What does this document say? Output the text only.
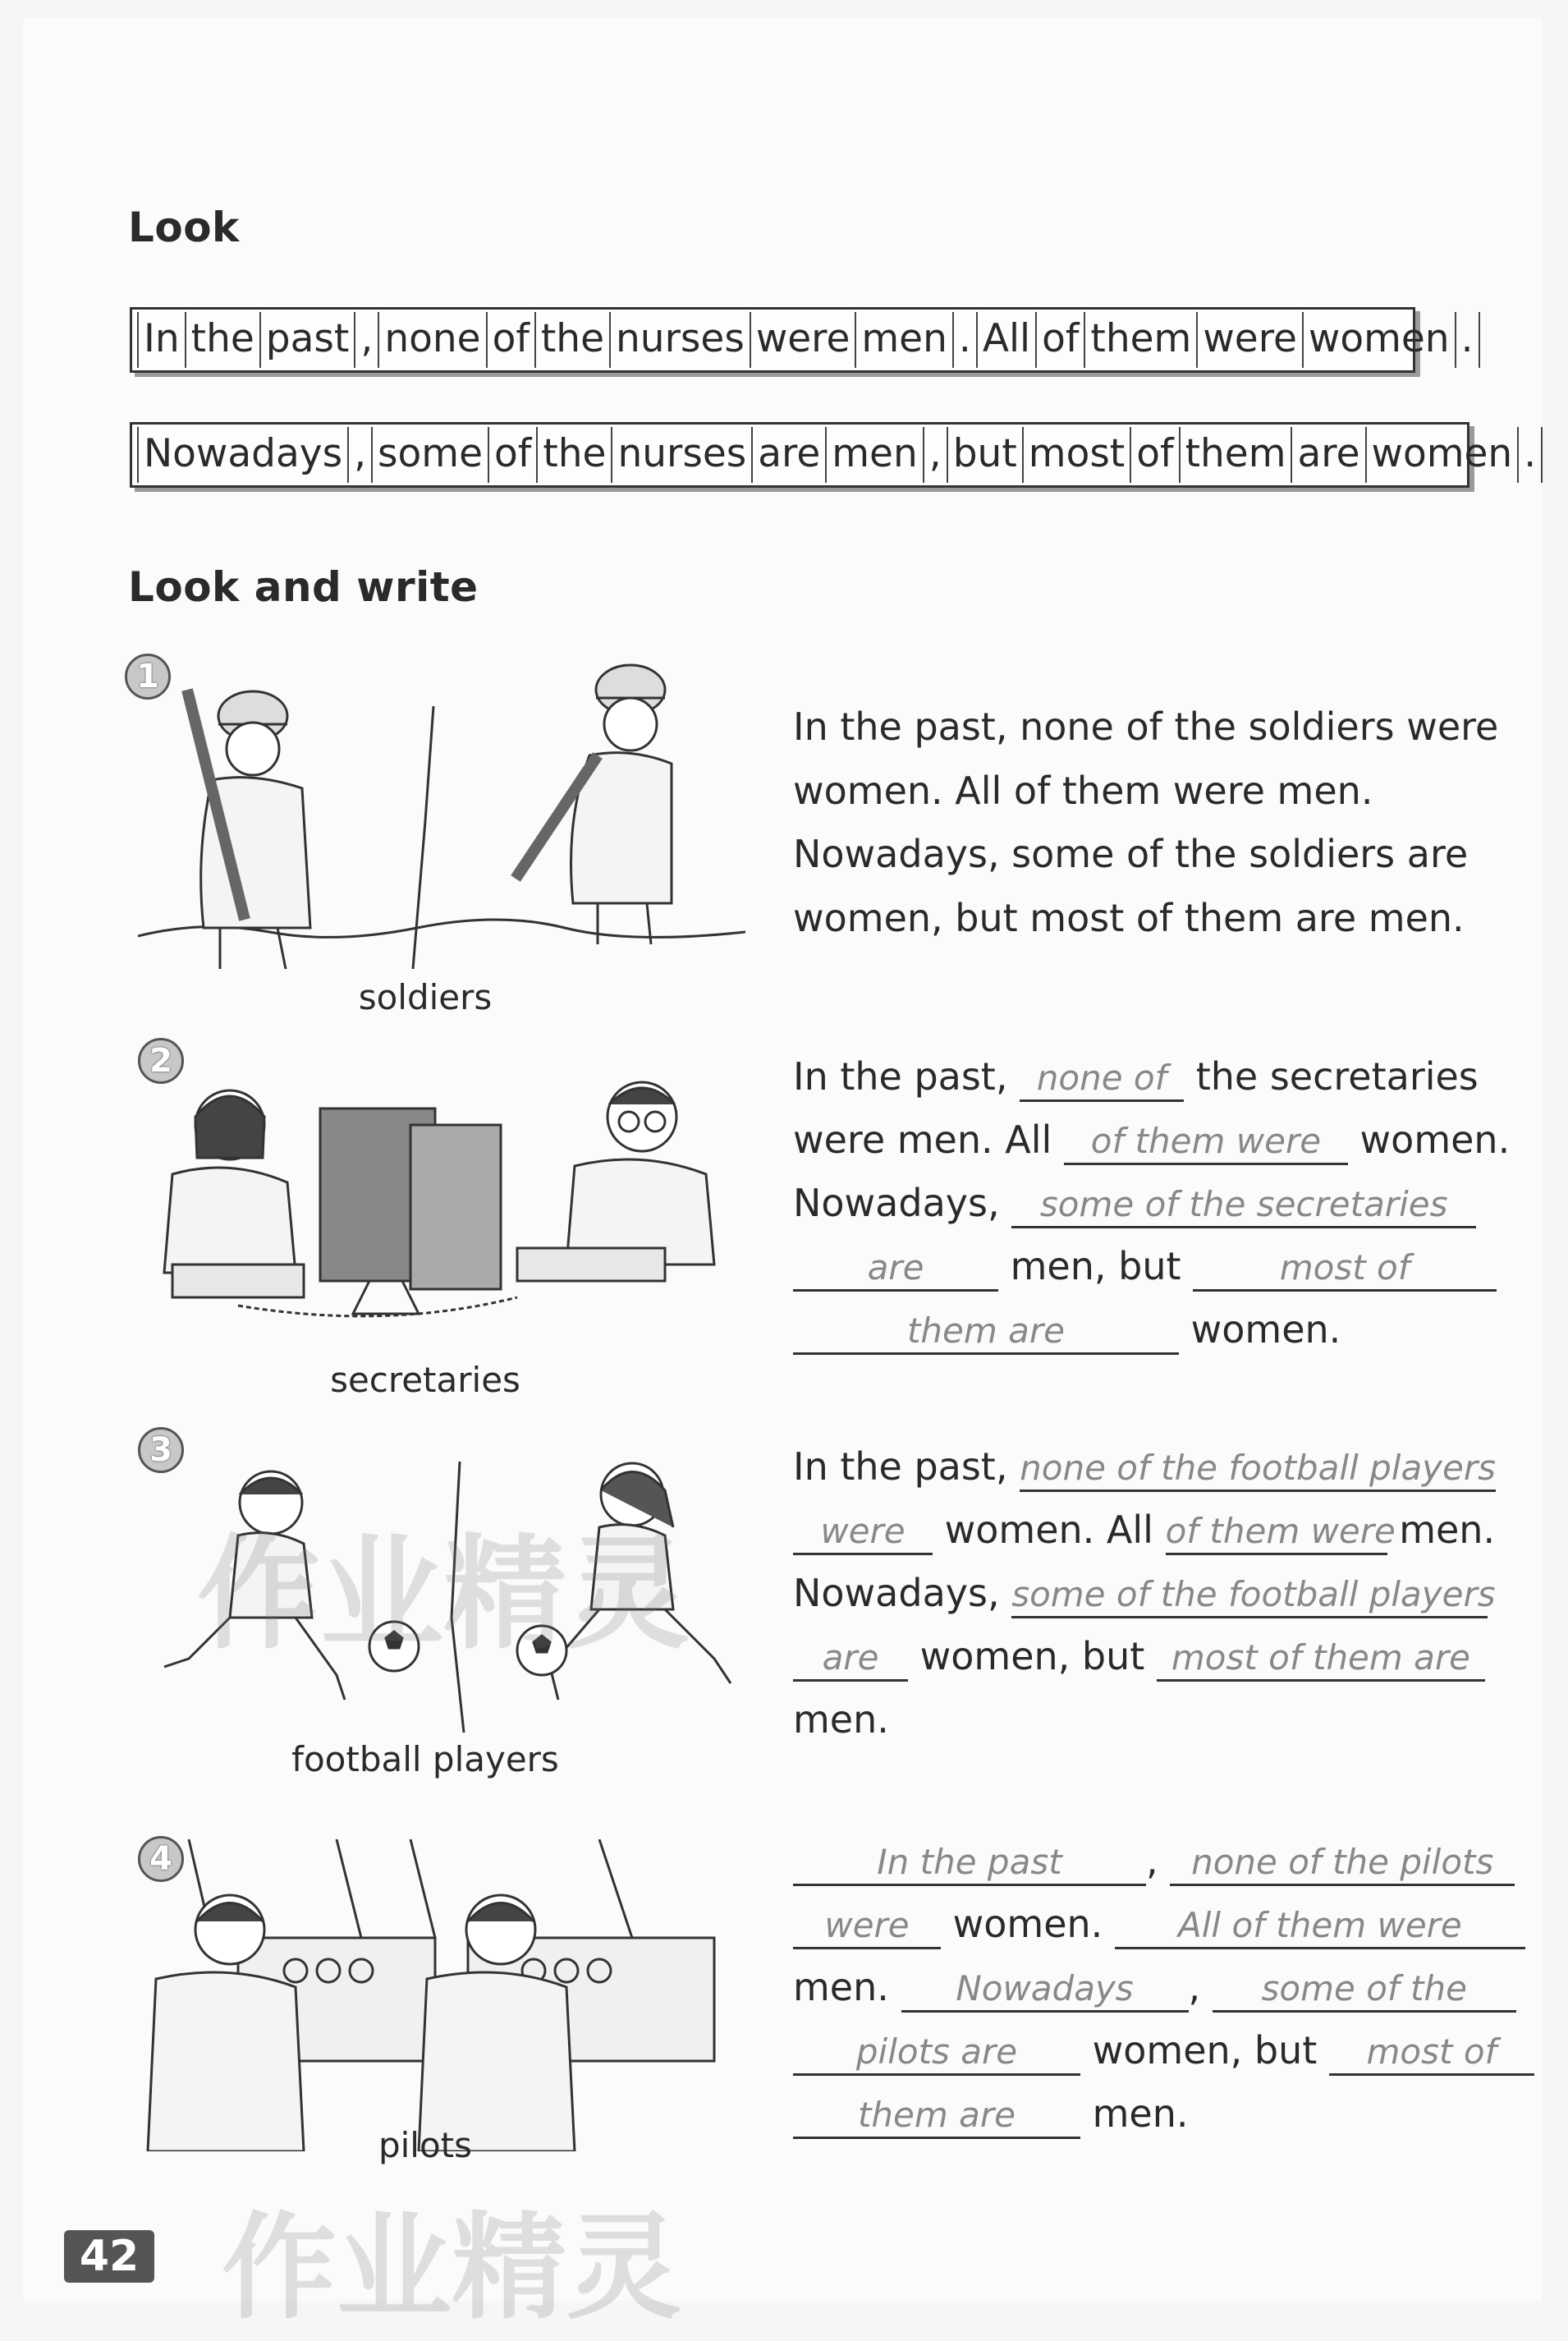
Look
In the past , none of the nurses were men . All of them were women .
Nowadays , some of the nurses are men , but most of them are women .
Look and write
1
soldiers
In the past, none of the soldiers were
women. All of them were men.
Nowadays, some of the soldiers are
women, but most of them are men.
2
secretaries
In the past, none of the secretaries
were men. All of them were women.
Nowadays, some of the secretaries
are men, but	most of
them are	women.
3
football players
In the past, none of the football players
were women. All of them were men.
Nowadays, some of the football players
are women, but most of them are
men.
4
pilots
In the past , none of the pilots
were women. All of them were
men. Nowadays , some of the
pilots are women, but most of
them are men.
作业精灵
作业精灵
42
